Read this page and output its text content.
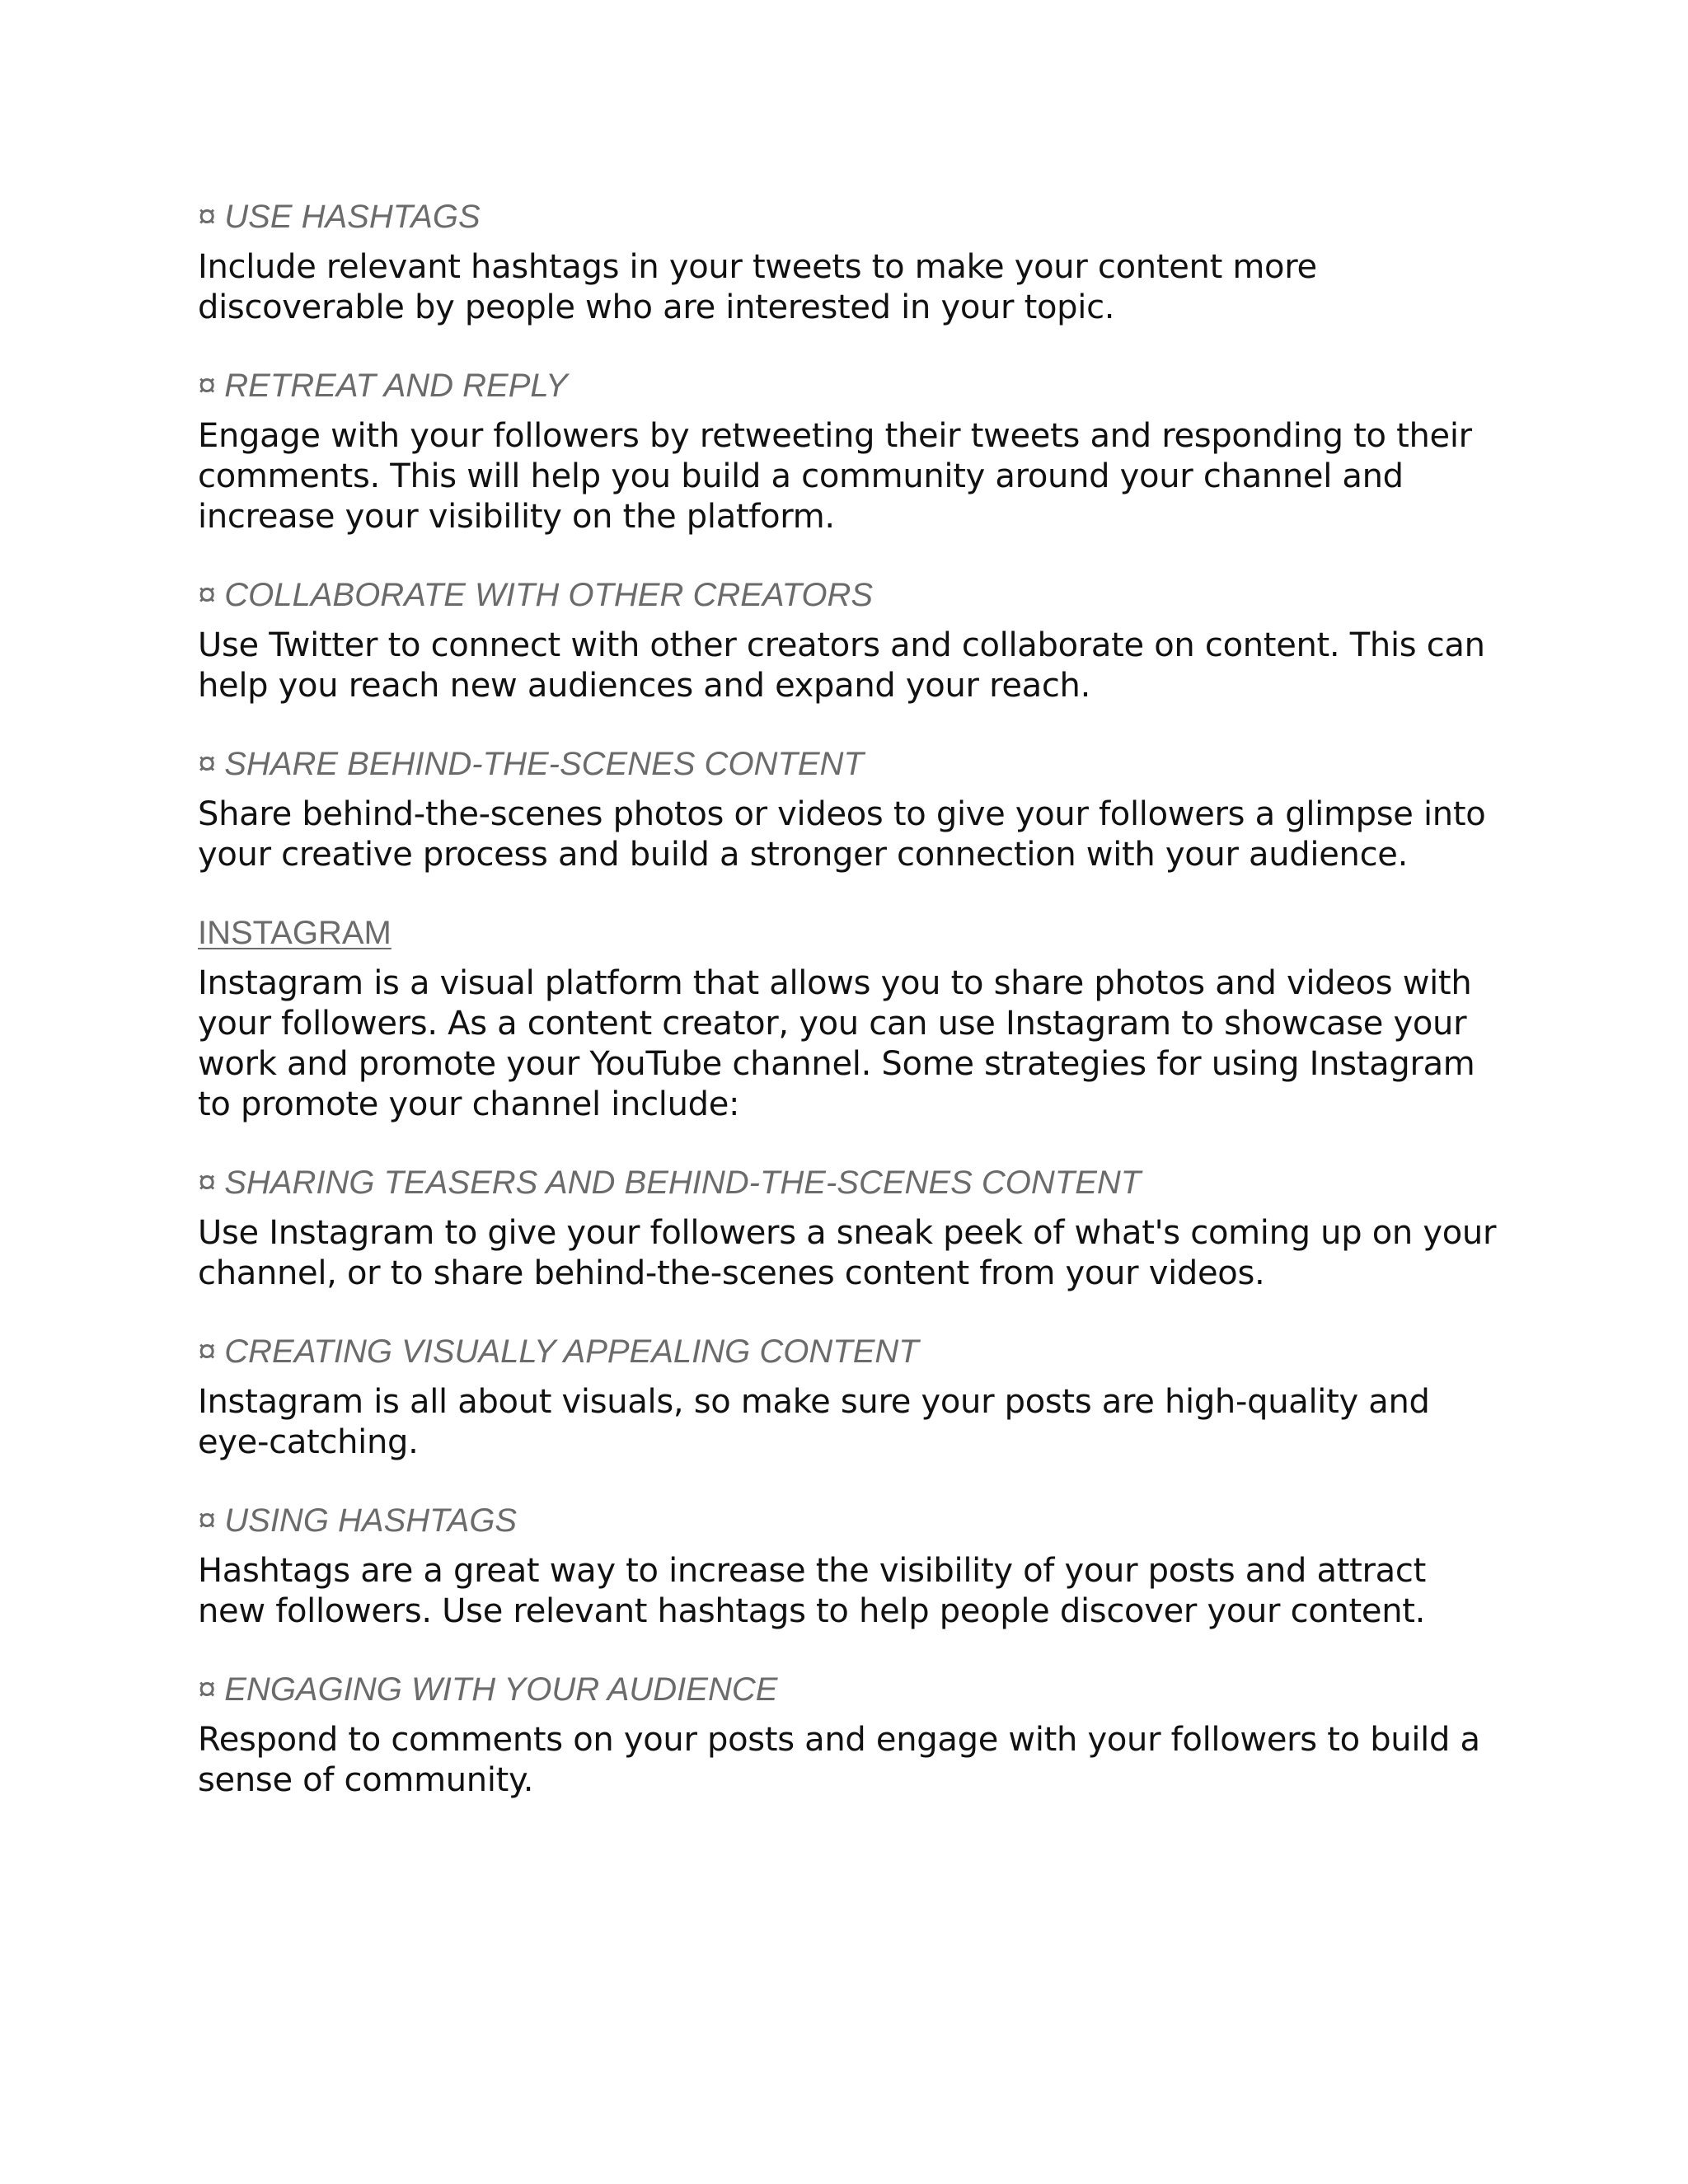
¤ USE HASHTAGS

Include relevant hashtags in your tweets to make your content more discoverable by people who are interested in your topic.

¤ RETREAT AND REPLY

Engage with your followers by retweeting their tweets and responding to their comments. This will help you build a community around your channel and increase your visibility on the platform.

¤ COLLABORATE WITH OTHER CREATORS

Use Twitter to connect with other creators and collaborate on content. This can help you reach new audiences and expand your reach.

¤ SHARE BEHIND-THE-SCENES CONTENT

Share behind-the-scenes photos or videos to give your followers a glimpse into your creative process and build a stronger connection with your audience.

INSTAGRAM

Instagram is a visual platform that allows you to share photos and videos with your followers. As a content creator, you can use Instagram to showcase your work and promote your YouTube channel. Some strategies for using Instagram to promote your channel include:

¤ SHARING TEASERS AND BEHIND-THE-SCENES CONTENT

Use Instagram to give your followers a sneak peek of what's coming up on your channel, or to share behind-the-scenes content from your videos.

¤ CREATING VISUALLY APPEALING CONTENT

Instagram is all about visuals, so make sure your posts are high-quality and eye-catching.

¤ USING HASHTAGS

Hashtags are a great way to increase the visibility of your posts and attract new followers. Use relevant hashtags to help people discover your content.

¤ ENGAGING WITH YOUR AUDIENCE

Respond to comments on your posts and engage with your followers to build a sense of community.
